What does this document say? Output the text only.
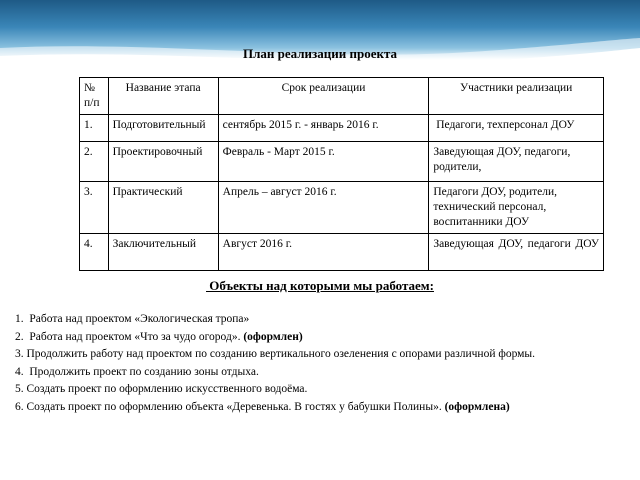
План реализации проекта
№ п/п	Название этапа	Срок реализации	Участники реализации
1.	Подготовительный	сентябрь 2015 г. - январь 2016 г.	Педагоги, техперсонал ДОУ
2.	Проектировочный	Февраль - Март 2015 г.	Заведующая ДОУ, педагоги, родители,
3.	Практический	Апрель – август 2016 г.	Педагоги ДОУ, родители, технический персонал, воспитанники ДОУ
4.	Заключительный	Август 2016 г.	Заведующая ДОУ, педагоги ДОУ
Объекты над которыми мы работаем:
1.  Работа над проектом «Экологическая тропа»
2.  Работа над проектом «Что за чудо огород». (оформлен)
3. Продолжить работу над проектом по созданию вертикального озеленения с опорами различной формы.
4.  Продолжить проект по созданию зоны отдыха.
5. Создать проект по оформлению искусственного водоёма.
6. Создать проект по оформлению объекта «Деревенька. В гостях у бабушки Полины». (оформлена)
